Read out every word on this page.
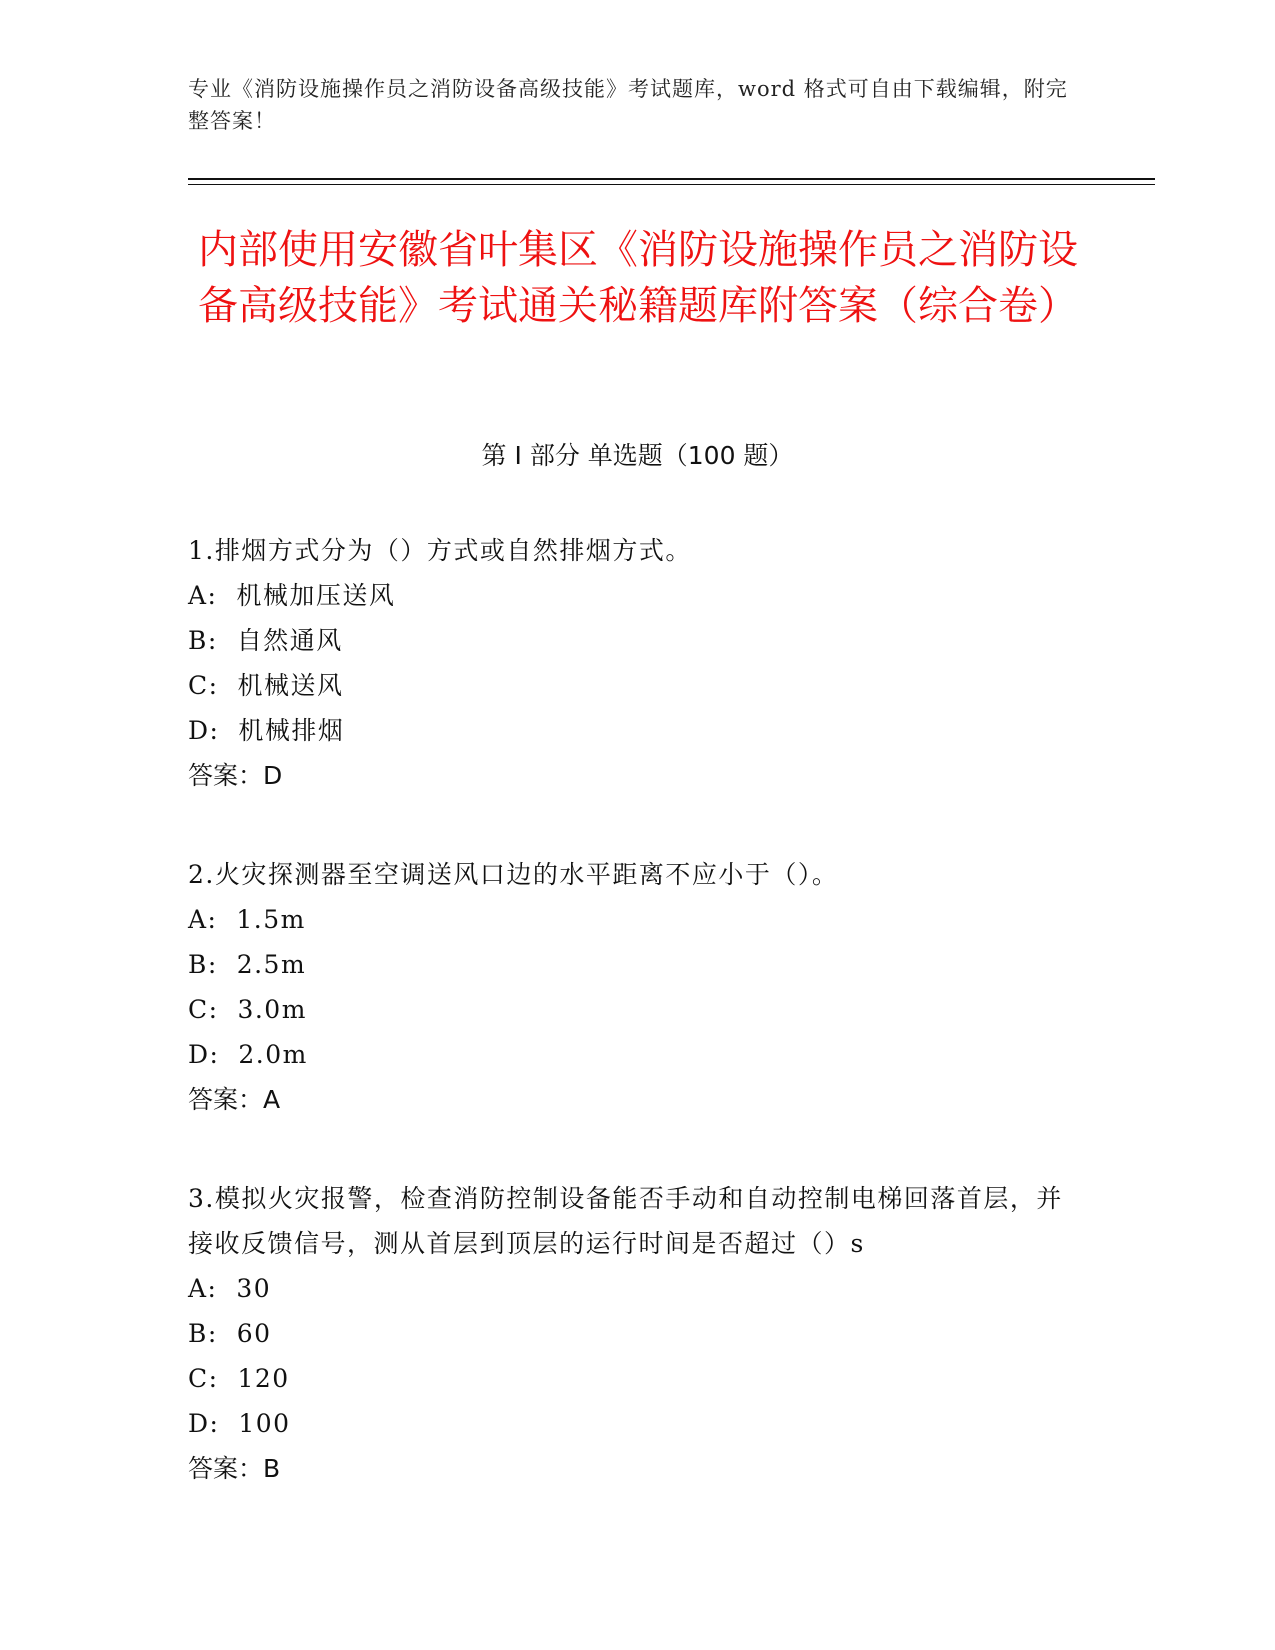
专业《消防设施操作员之消防设备高级技能》考试题库，word 格式可自由下载编辑，附完整答案！
内部使用安徽省叶集区《消防设施操作员之消防设备高级技能》考试通关秘籍题库附答案（综合卷）
第 I 部分 单选题（100 题）
1.排烟方式分为（）方式或自然排烟方式。
A:  机械加压送风
B:  自然通风
C:  机械送风
D:  机械排烟
答案：D
2.火灾探测器至空调送风口边的水平距离不应小于（）。
A:  1.5m
B:  2.5m
C:  3.0m
D:  2.0m
答案：A
3.模拟火灾报警，检查消防控制设备能否手动和自动控制电梯回落首层，并接收反馈信号，测从首层到顶层的运行时间是否超过（）s
A:  30
B:  60
C:  120
D:  100
答案：B
